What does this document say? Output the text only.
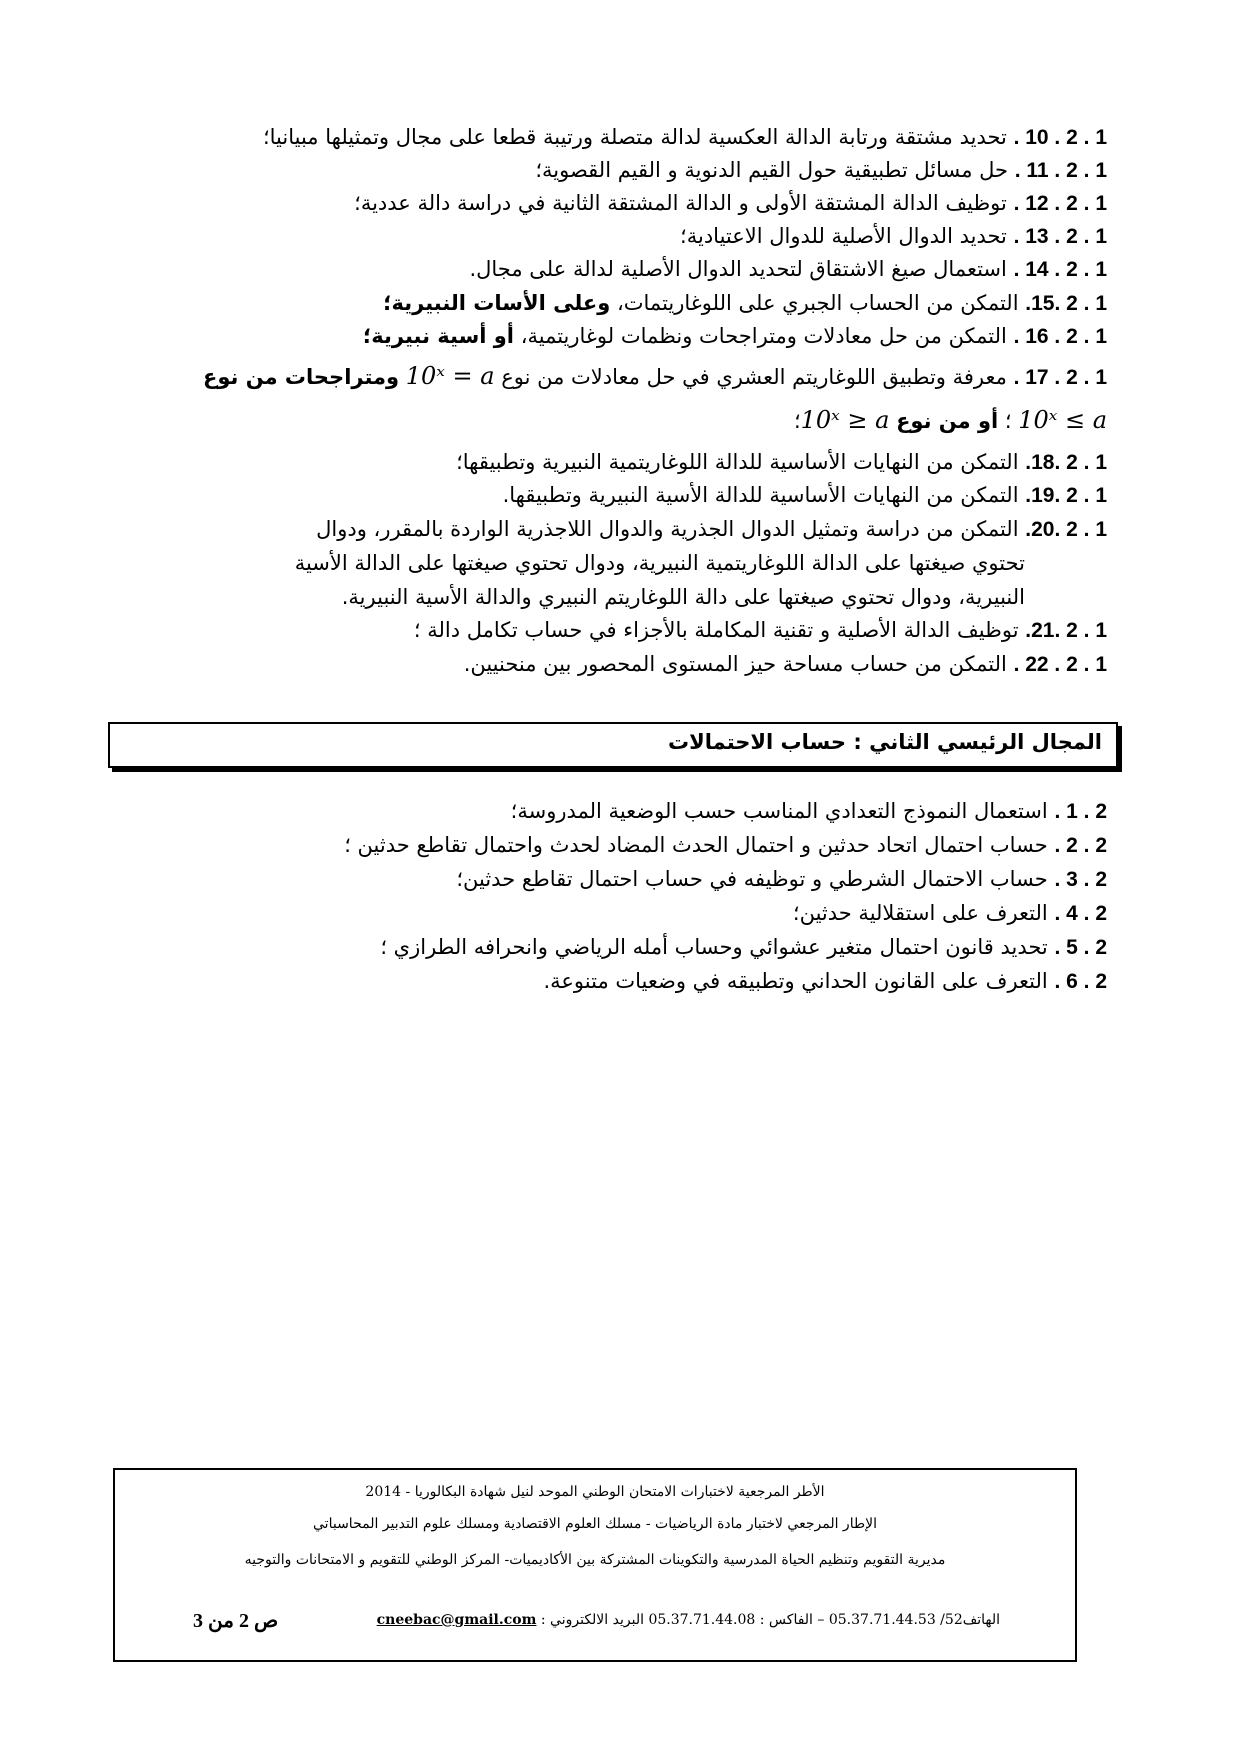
1 . 2 . 10 . تحديد مشتقة ورتابة الدالة العكسية لدالة متصلة ورتيبة قطعا على مجال وتمثيلها مبيانيا؛
1 . 2 . 11 . حل مسائل تطبيقية حول القيم الدنوية و القيم القصوية؛
1 . 2 . 12 . توظيف الدالة المشتقة الأولى و الدالة المشتقة الثانية في دراسة دالة عددية؛
1 . 2 . 13 . تحديد الدوال الأصلية للدوال الاعتيادية؛
1 . 2 . 14 . استعمال صيغ الاشتقاق لتحديد الدوال الأصلية لدالة على مجال.
1 . 2 .15. التمكن من الحساب الجبري على اللوغاريتمات، وعلى الأسات النبيرية؛
1 . 2 . 16 . التمكن من حل معادلات ومتراجحات ونظمات لوغاريتمية، أو أسية نبيرية؛
1 . 2 . 17 . معرفة وتطبيق اللوغاريتم العشري في حل معادلات من نوع 10ˣ = a ومتراجحات من نوع
10ˣ ≤ a ؛ أو من نوع 10ˣ ≥ a؛
1 . 2 .18. التمكن من النهايات الأساسية للدالة اللوغاريتمية النبيرية وتطبيقها؛
1 . 2 .19. التمكن من النهايات الأساسية للدالة الأسية النبيرية وتطبيقها.
1 . 2 .20. التمكن من دراسة وتمثيل الدوال الجذرية والدوال اللاجذرية الواردة بالمقرر، ودوال
تحتوي صيغتها على الدالة اللوغاريتمية النبيرية، ودوال تحتوي صيغتها على الدالة الأسية
النبيرية، ودوال تحتوي صيغتها على دالة اللوغاريتم النبيري والدالة الأسية النبيرية.
1 . 2 .21. توظيف الدالة الأصلية و تقنية المكاملة بالأجزاء في حساب تكامل دالة ؛
1 . 2 . 22 . التمكن من حساب مساحة حيز المستوى المحصور بين منحنيين.
المجال الرئيسي الثاني : حساب الاحتمالات
2 . 1 . استعمال النموذج التعدادي المناسب حسب الوضعية المدروسة؛
2 . 2 . حساب احتمال اتحاد حدثين و احتمال الحدث المضاد لحدث واحتمال تقاطع حدثين ؛
2 . 3 . حساب الاحتمال الشرطي و توظيفه في حساب احتمال تقاطع حدثين؛
2 . 4 . التعرف على استقلالية حدثين؛
2 . 5 . تحديد قانون احتمال متغير عشوائي وحساب أمله الرياضي وانحرافه الطرازي ؛
2 . 6 . التعرف على القانون الحداني وتطبيقه في وضعيات متنوعة.
الأطر المرجعية لاختبارات الامتحان الوطني الموحد لنيل شهادة البكالوريا - 2014
الإطار المرجعي لاختبار مادة الرياضيات - مسلك العلوم الاقتصادية ومسلك علوم التدبير المحاسباتي
مديرية التقويم وتنظيم الحياة المدرسية والتكوينات المشتركة بين الأكاديميات- المركز الوطني للتقويم و الامتحانات والتوجيه
الهاتف52/ 05.37.71.44.53 – الفاكس : 05.37.71.44.08 البريد الالكتروني : cneebac@gmail.com
ص 2 من 3
